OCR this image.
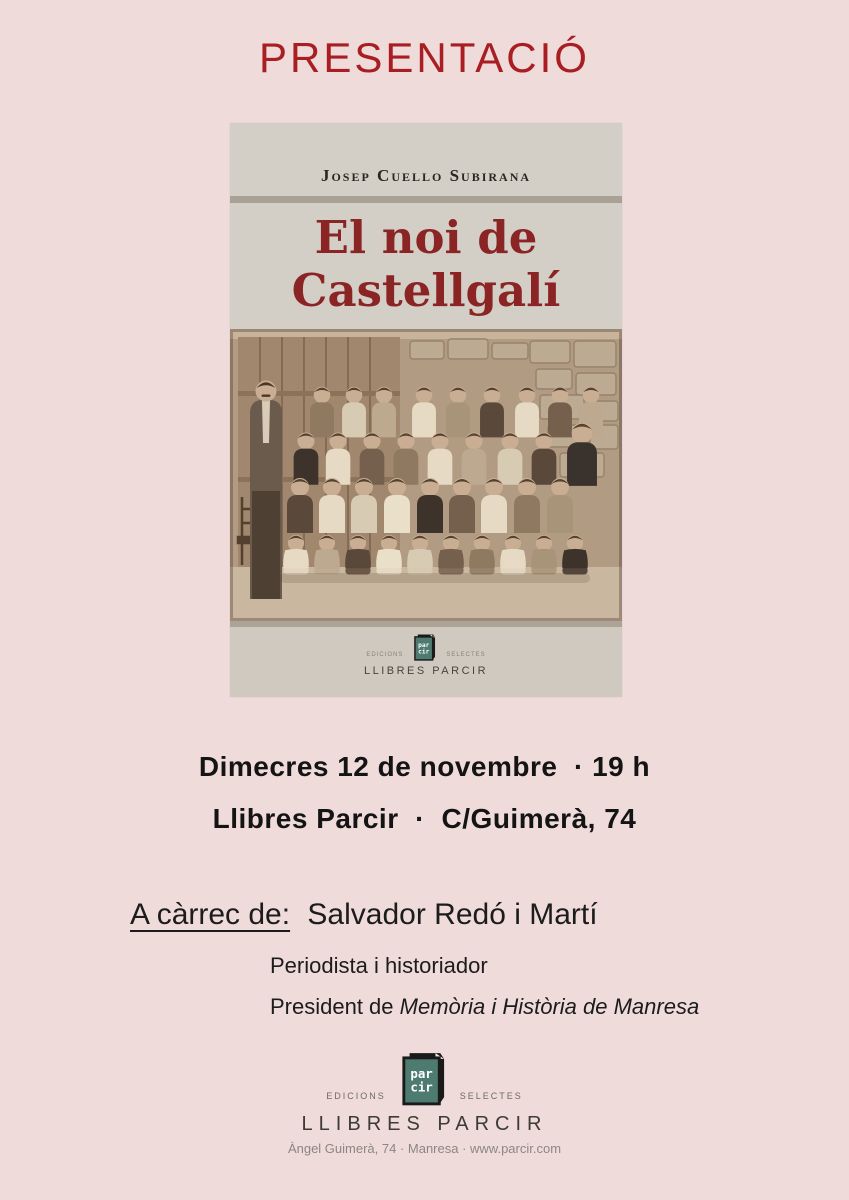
PRESENTACIÓ
Josep Cuello Subirana
El noi de
Castellgalí
EDICIONS
par
cir	SELECTES
LLIBRES PARCIR
Dimecres 12 de novembre  · 19 h
Llibres Parcir  ·  C/Guimerà, 74
A càrrec de: Salvador Redó i Martí
Periodista i historiador
President de Memòria i Història de Manresa
EDICIONS
par
cir
SELECTES
LLIBRES PARCIR
Àngel Guimerà, 74 · Manresa · www.parcir.com
